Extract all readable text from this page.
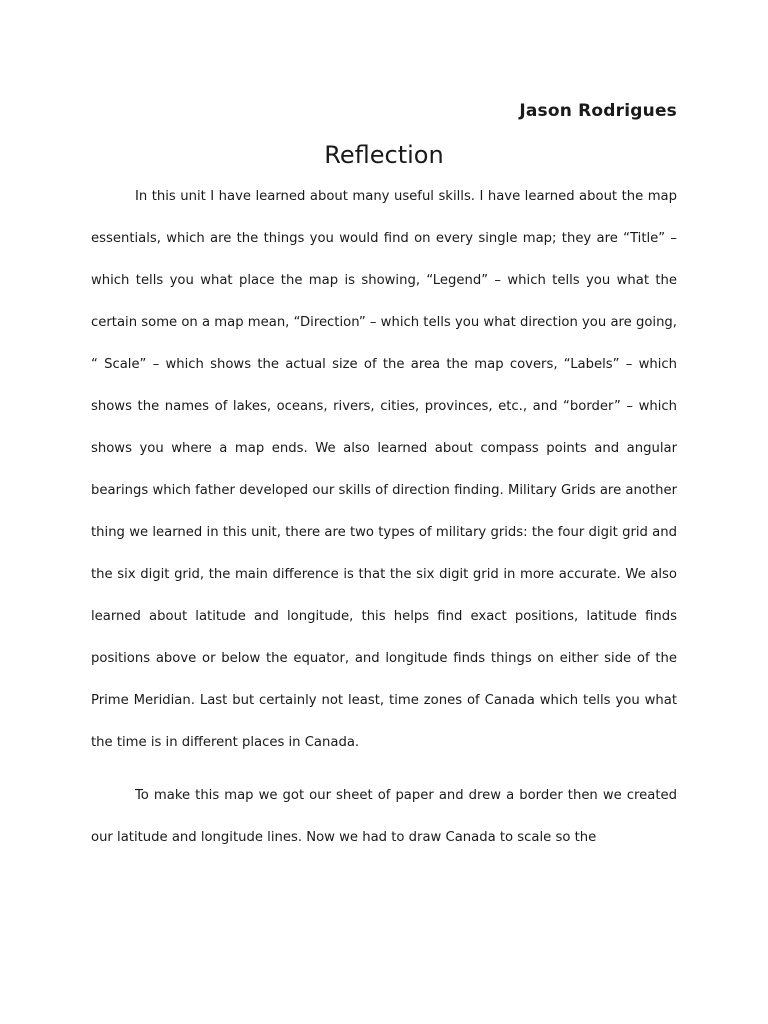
Jason Rodrigues
Reflection

In this unit I have learned about many useful skills. I have learned about the map essentials, which are the things you would find on every single map; they are “Title” – which tells you what place the map is showing, “Legend” – which tells you what the certain some on a map mean, “Direction” – which tells you what direction you are going, “ Scale” – which shows the actual size of the area the map covers, “Labels” – which shows the names of lakes, oceans, rivers, cities, provinces, etc., and “border” – which shows you where a map ends. We also learned about compass points and angular bearings which father developed our skills of direction finding. Military Grids are another thing we learned in this unit, there are two types of military grids: the four digit grid and the six digit grid, the main difference is that the six digit grid in more accurate. We also learned about latitude and longitude, this helps find exact positions, latitude finds positions above or below the equator, and longitude finds things on either side of the Prime Meridian. Last but certainly not least, time zones of Canada which tells you what the time is in different places in Canada.

To make this map we got our sheet of paper and drew a border then we created our latitude and longitude lines. Now we had to draw Canada to scale so the
